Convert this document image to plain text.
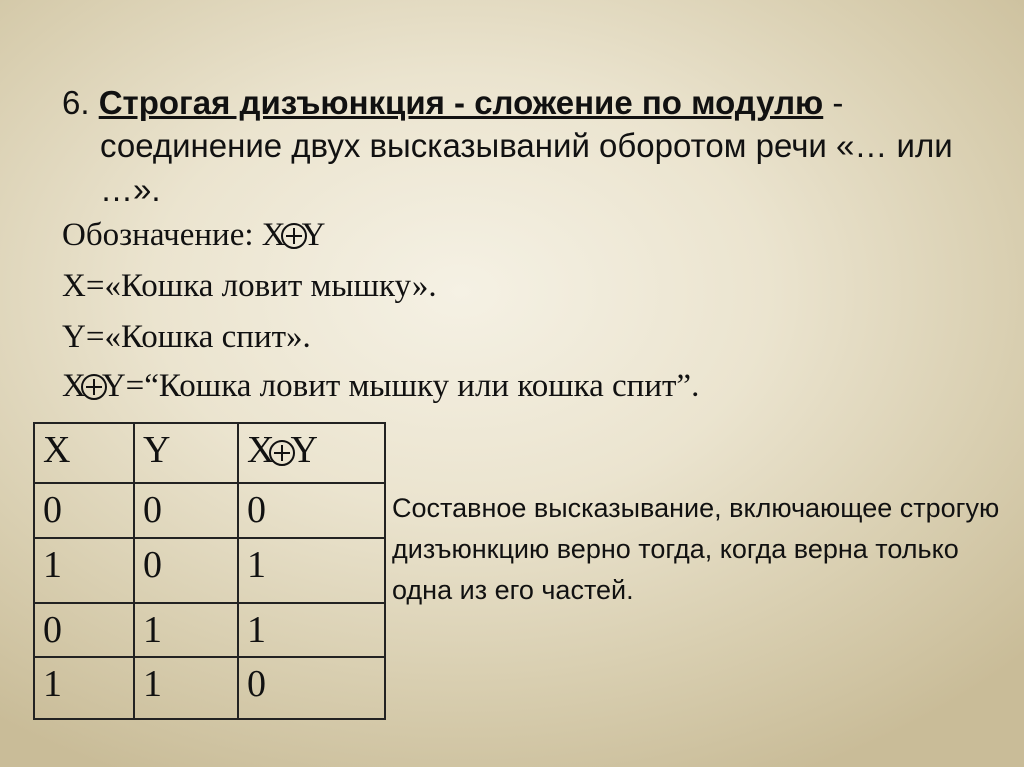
6. Строгая дизъюнкция - сложение по модулю -
соединение двух высказываний оборотом речи «… или
…».
Обозначение: X Y
X=«Кошка ловит мышку».
Y=«Кошка спит».
X Y=“Кошка ловит мышку или кошка спит”.
X	Y	X Y
0	0	0
1	0	1
0	1	1
1	1	0
Составное высказывание, включающее строгую дизъюнкцию верно тогда, когда верна только одна из его частей.
